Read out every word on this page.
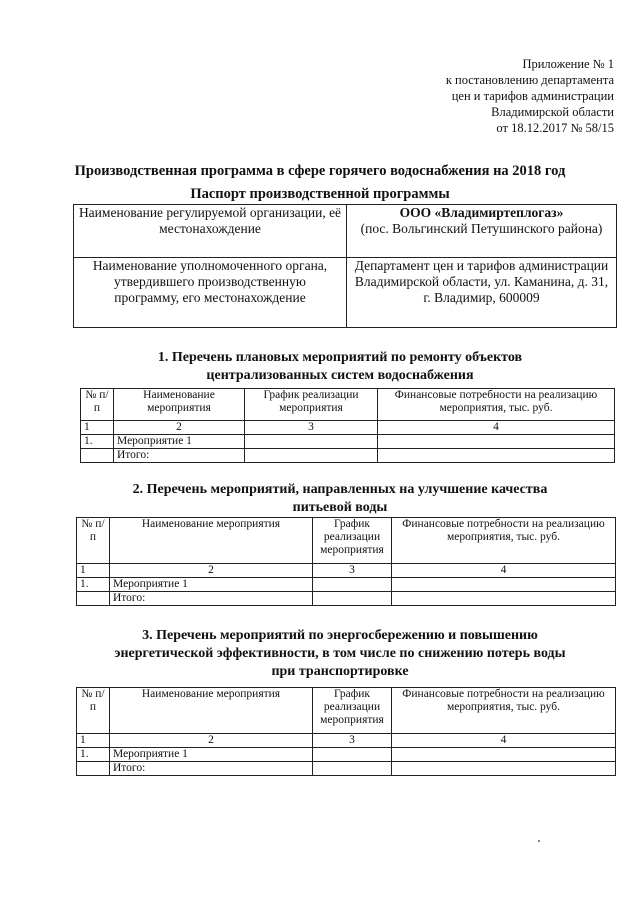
Приложение № 1
к постановлению департамента
цен и тарифов администрации
Владимирской области
от 18.12.2017 № 58/15
Производственная программа в сфере горячего водоснабжения на 2018 год
Паспорт производственной программы
Наименование регулируемой организации, её местонахождение	ООО «Владимиртеплогаз»
(пос. Вольгинский Петушинского района)

Наименование уполномоченного органа, утвердившего производственную программу, его местонахождение	Департамент цен и тарифов администрации Владимирской области, ул. Каманина, д. 31, г. Владимир, 600009
1. Перечень плановых мероприятий по ремонту объектов
централизованных систем водоснабжения
№ п/п	Наименование мероприятия	График реализации мероприятия	Финансовые потребности на реализацию мероприятия, тыс. руб.
1	2	3	4
1.	Мероприятие 1		
	Итого:		
2. Перечень мероприятий, направленных на улучшение качества
питьевой воды
№ п/п	Наименование мероприятия	График реализации мероприятия	Финансовые потребности на реализацию мероприятия, тыс. руб.
1	2	3	4
1.	Мероприятие 1		
	Итого:		
3. Перечень мероприятий по энергосбережению и повышению
энергетической эффективности, в том числе по снижению потерь воды
при транспортировке
№ п/п	Наименование мероприятия	График реализации мероприятия	Финансовые потребности на реализацию мероприятия, тыс. руб.
1	2	3	4
1.	Мероприятие 1		
	Итого:		
